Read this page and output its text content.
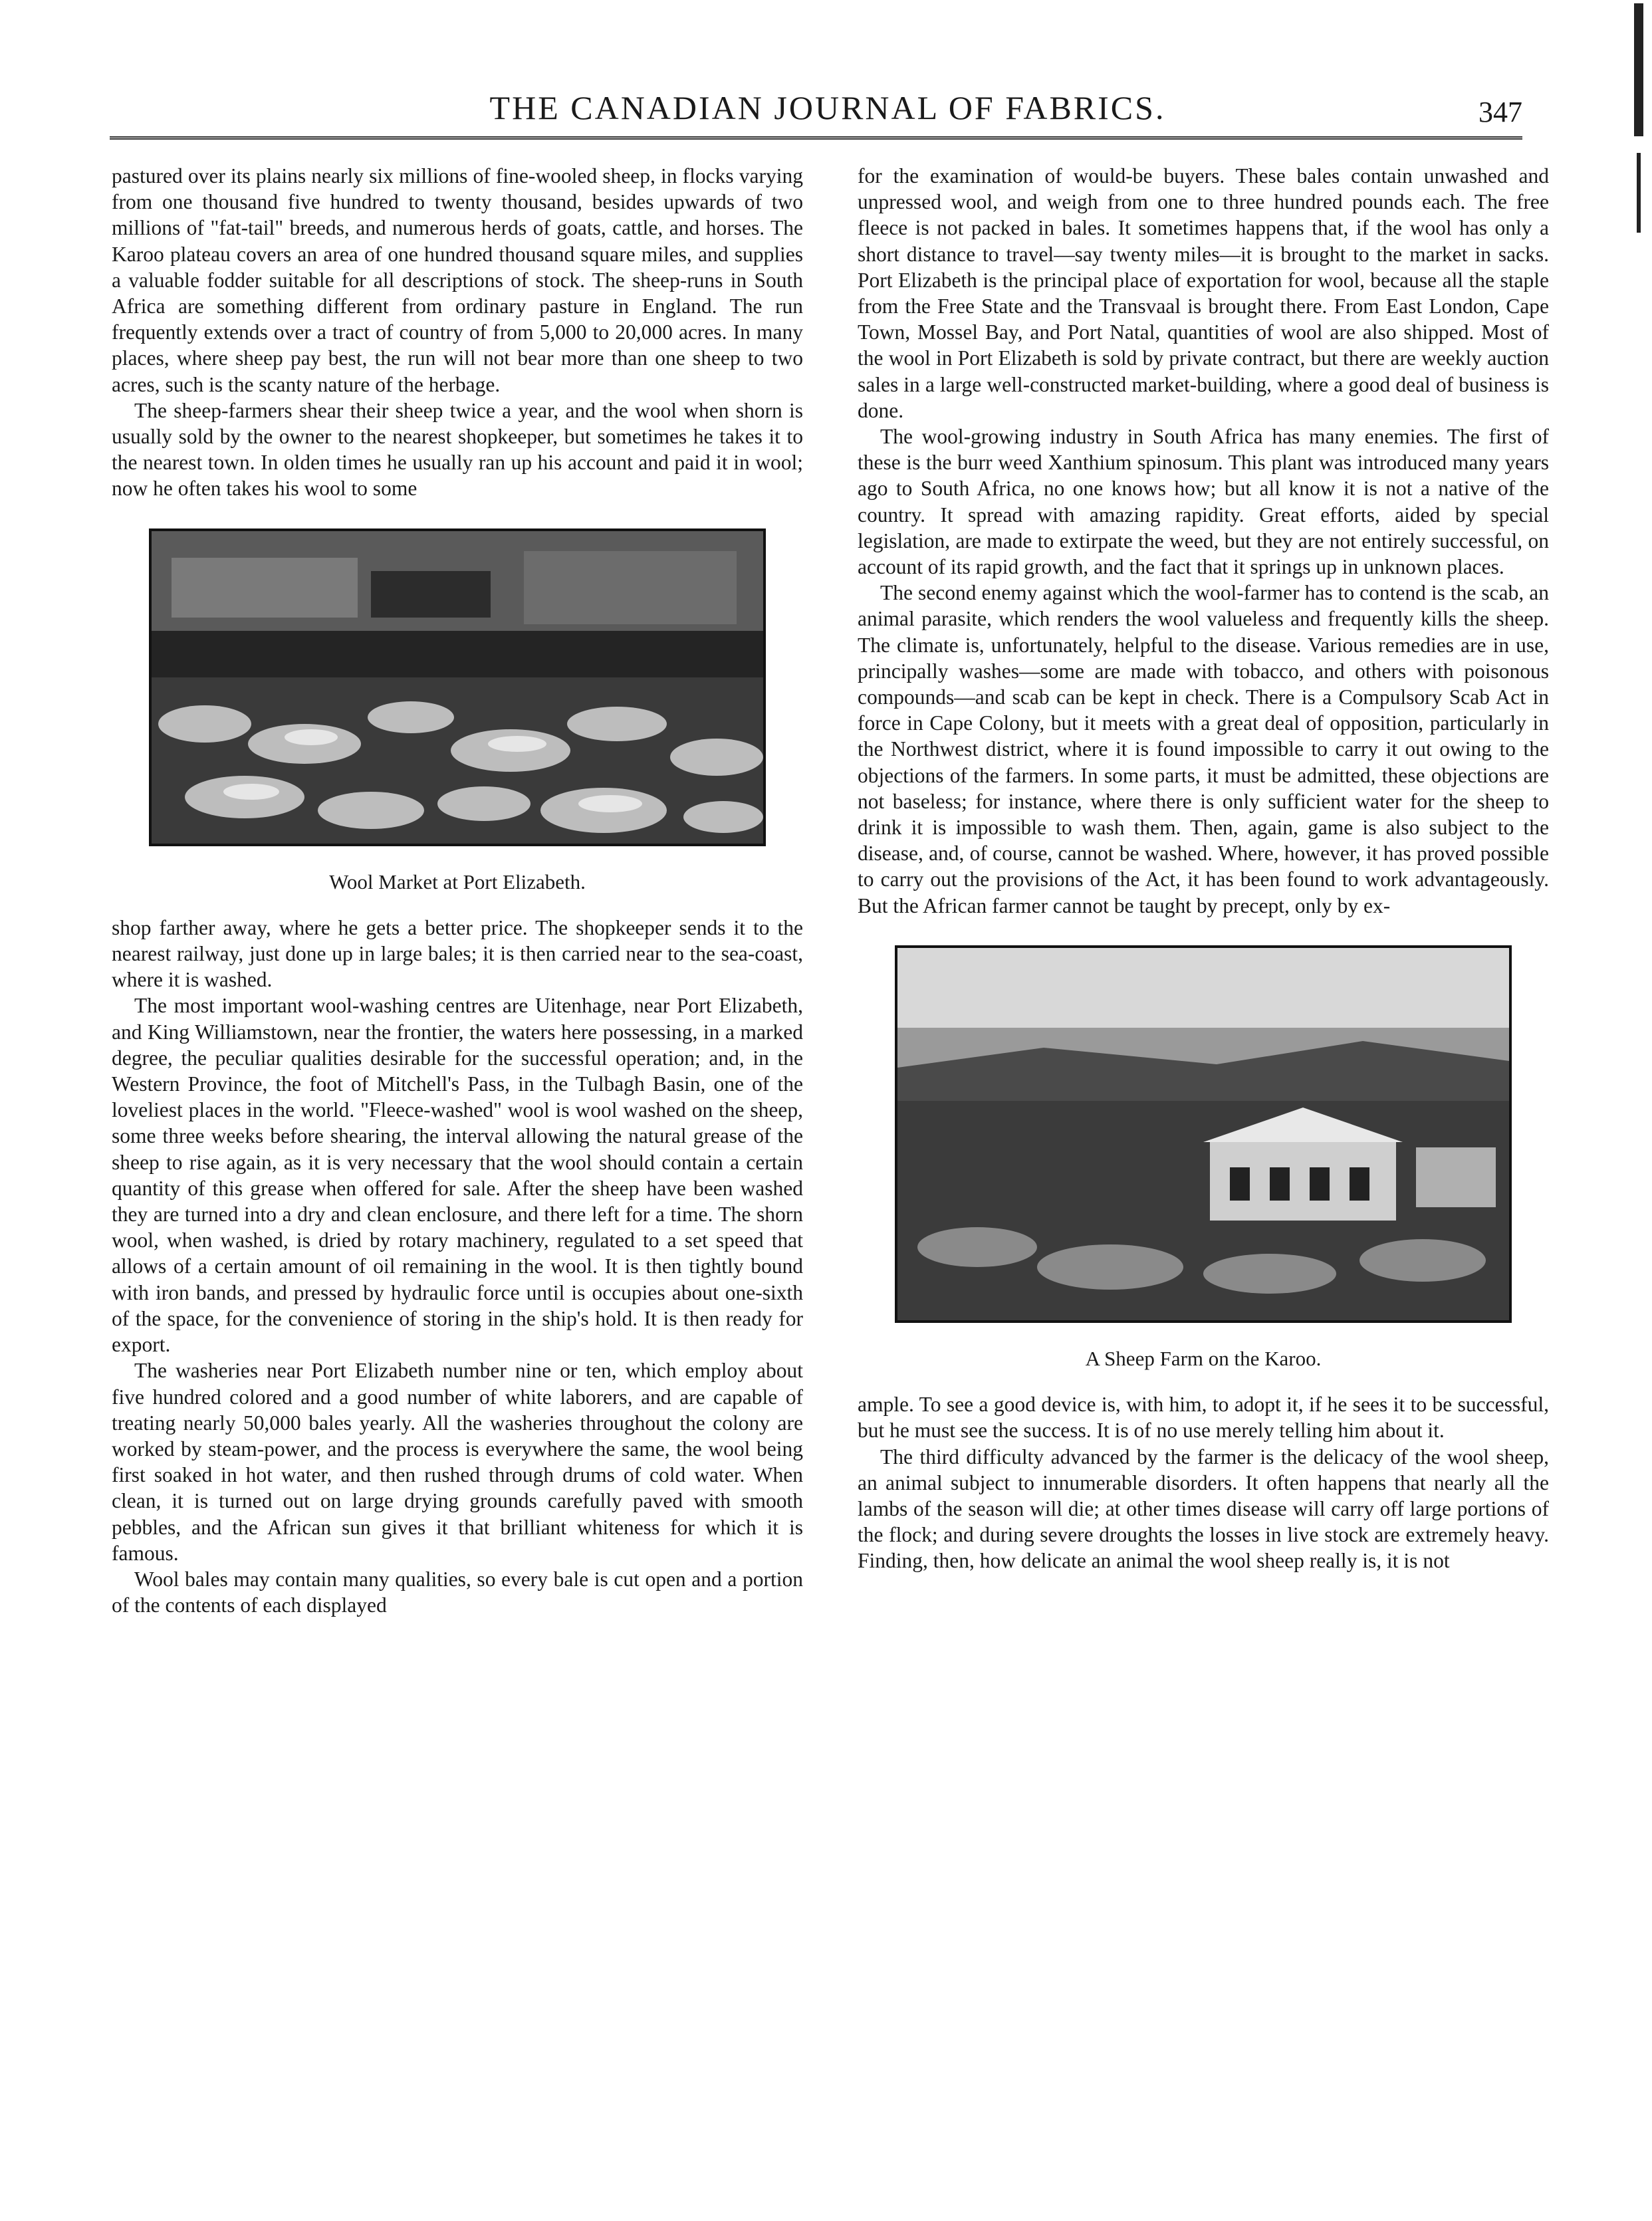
THE CANADIAN JOURNAL OF FABRICS.	347

pastured over its plains nearly six millions of fine-wooled sheep, in flocks varying from one thousand five hundred to twenty thousand, besides upwards of two millions of "fat-tail" breeds, and numerous herds of goats, cattle, and horses. The Karoo plateau covers an area of one hundred thousand square miles, and supplies a valuable fodder suitable for all descriptions of stock. The sheep-runs in South Africa are something different from ordinary pasture in England. The run frequently extends over a tract of country of from 5,000 to 20,000 acres. In many places, where sheep pay best, the run will not bear more than one sheep to two acres, such is the scanty nature of the herbage.

The sheep-farmers shear their sheep twice a year, and the wool when shorn is usually sold by the owner to the nearest shopkeeper, but sometimes he takes it to the nearest town. In olden times he usually ran up his account and paid it in wool; now he often takes his wool to some

Wool Market at Port Elizabeth.

shop farther away, where he gets a better price. The shopkeeper sends it to the nearest railway, just done up in large bales; it is then carried near to the sea-coast, where it is washed.

The most important wool-washing centres are Uitenhage, near Port Elizabeth, and King Williamstown, near the frontier, the waters here possessing, in a marked degree, the peculiar qualities desirable for the successful operation; and, in the Western Province, the foot of Mitchell's Pass, in the Tulbagh Basin, one of the loveliest places in the world. "Fleece-washed" wool is wool washed on the sheep, some three weeks before shearing, the interval allowing the natural grease of the sheep to rise again, as it is very necessary that the wool should contain a certain quantity of this grease when offered for sale. After the sheep have been washed they are turned into a dry and clean enclosure, and there left for a time. The shorn wool, when washed, is dried by rotary machinery, regulated to a set speed that allows of a certain amount of oil remaining in the wool. It is then tightly bound with iron bands, and pressed by hydraulic force until is occupies about one-sixth of the space, for the convenience of storing in the ship's hold. It is then ready for export.

The washeries near Port Elizabeth number nine or ten, which employ about five hundred colored and a good number of white laborers, and are capable of treating nearly 50,000 bales yearly. All the washeries throughout the colony are worked by steam-power, and the process is everywhere the same, the wool being first soaked in hot water, and then rushed through drums of cold water. When clean, it is turned out on large drying grounds carefully paved with smooth pebbles, and the African sun gives it that brilliant whiteness for which it is famous.

Wool bales may contain many qualities, so every bale is cut open and a portion of the contents of each displayed

for the examination of would-be buyers. These bales contain unwashed and unpressed wool, and weigh from one to three hundred pounds each. The free fleece is not packed in bales. It sometimes happens that, if the wool has only a short distance to travel—say twenty miles—it is brought to the market in sacks. Port Elizabeth is the principal place of exportation for wool, because all the staple from the Free State and the Transvaal is brought there. From East London, Cape Town, Mossel Bay, and Port Natal, quantities of wool are also shipped. Most of the wool in Port Elizabeth is sold by private contract, but there are weekly auction sales in a large well-constructed market-building, where a good deal of business is done.

The wool-growing industry in South Africa has many enemies. The first of these is the burr weed Xanthium spinosum. This plant was introduced many years ago to South Africa, no one knows how; but all know it is not a native of the country. It spread with amazing rapidity. Great efforts, aided by special legislation, are made to extirpate the weed, but they are not entirely successful, on account of its rapid growth, and the fact that it springs up in unknown places.

The second enemy against which the wool-farmer has to contend is the scab, an animal parasite, which renders the wool valueless and frequently kills the sheep. The climate is, unfortunately, helpful to the disease. Various remedies are in use, principally washes—some are made with tobacco, and others with poisonous compounds—and scab can be kept in check. There is a Compulsory Scab Act in force in Cape Colony, but it meets with a great deal of opposition, particularly in the Northwest district, where it is found impossible to carry it out owing to the objections of the farmers. In some parts, it must be admitted, these objections are not baseless; for instance, where there is only sufficient water for the sheep to drink it is impossible to wash them. Then, again, game is also subject to the disease, and, of course, cannot be washed. Where, however, it has proved possible to carry out the provisions of the Act, it has been found to work advantageously. But the African farmer cannot be taught by precept, only by ex-

A Sheep Farm on the Karoo.

ample. To see a good device is, with him, to adopt it, if he sees it to be successful, but he must see the success. It is of no use merely telling him about it.

The third difficulty advanced by the farmer is the delicacy of the wool sheep, an animal subject to innumerable disorders. It often happens that nearly all the lambs of the season will die; at other times disease will carry off large portions of the flock; and during severe droughts the losses in live stock are extremely heavy. Finding, then, how delicate an animal the wool sheep really is, it is not
